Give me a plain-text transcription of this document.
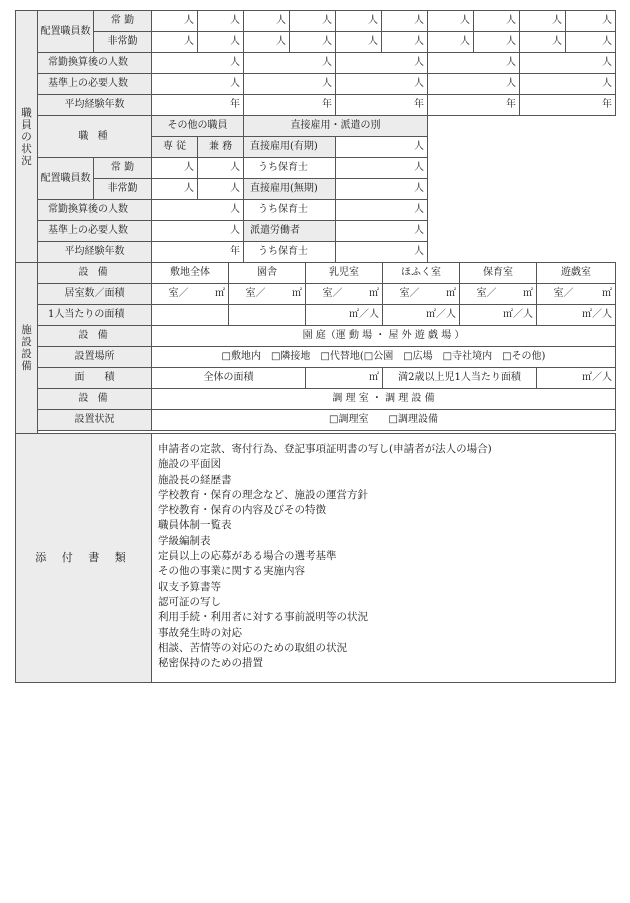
職員の状況	配置職員数	常 勤	人	人	人	人	人	人	人	人	人	人
		非常勤	人	人	人	人	人	人	人	人	人	人
	常勤換算後の人数		人		人		人		人		人	
	基準上の必要人数		人		人		人		人		人	
	平均経験年数		年		年		年		年		年	
	職 種		その他の職員		直接雇用・派遣の別							
			専 従	兼 務	直接雇用(有期)		人					
	配置職員数	常 勤	人	人	うち保育士		人					
		非常勤	人	人	直接雇用(無期)		人					
	常勤換算後の人数		人		うち保育士		人					
	基準上の必要人数		人		派遣労働者		人					
	平均経験年数		年		うち保育士		人					
施設設備	設 備	敷地全体		園舎		乳児室		ほふく室		保育室		遊戯室	
	居室数／面積	室／	㎡	室／	㎡	室／	㎡	室／	㎡	室／	㎡	室／	㎡
	1人当たりの面積					㎡／人		㎡／人		㎡／人		㎡／人	
	設 備	園 庭（運 動 場 ・ 屋 外 遊 戯 場 ）											
	設置場所	□敷地内　□隣接地　□代替地(□公園　□広場　□寺社境内　□その他)											
	面　　積	全体の面積				㎡		満2歳以上児1人当たり面積				㎡／人	
	設 備	調 理 室 ・ 調 理 設 備											
	設置状況	□調理室　　□調理設備											

添 付 書 類	
申請者の定款、寄付行為、登記事項証明書の写し(申請者が法人の場合)
施設の平面図
施設長の経歴書
学校教育・保育の理念など、施設の運営方針
学校教育・保育の内容及びその特徴
職員体制一覧表
学級編制表
定員以上の応募がある場合の選考基準
その他の事業に関する実施内容
収支予算書等
認可証の写し
利用手続・利用者に対する事前説明等の状況
事故発生時の対応
相談、苦情等の対応のための取組の状況
秘密保持のための措置
